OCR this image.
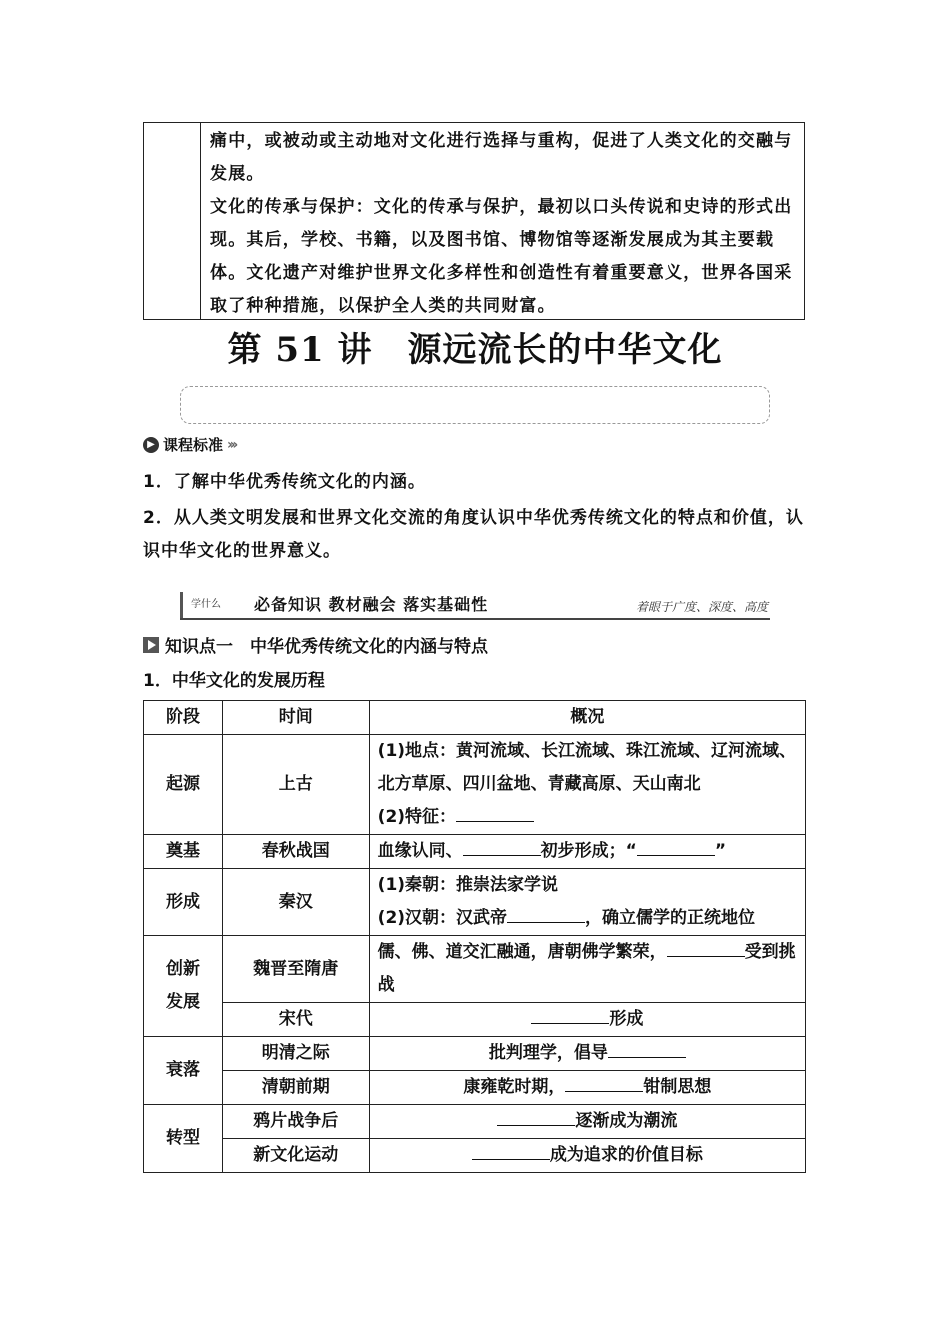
痛中，或被动或主动地对文化进行选择与重构，促进了人类文化的交融与发展。

文化的传承与保护：文化的传承与保护，最初以口头传说和史诗的形式出现。其后，学校、书籍，以及图书馆、博物馆等逐渐发展成为其主要载体。文化遗产对维护世界文化多样性和创造性有着重要意义，世界各国采取了种种措施，以保护全人类的共同财富。

第 51 讲　源远流长的中华文化
▶ 课程标准 ›››
1．了解中华优秀传统文化的内涵。
2．从人类文明发展和世界文化交流的角度认识中华优秀传统文化的特点和价值，认识中华文化的世界意义。
学什么 必备知识 教材融会 落实基础性	着眼于广度、深度、高度
知识点一　中华优秀传统文化的内涵与特点
1．中华文化的发展历程
阶段	时间	概况
起源	上古	(1)地点：黄河流域、长江流域、珠江流域、辽河流域、北方草原、四川盆地、青藏高原、天山南北
(2)特征：

奠基	春秋战国	血缘认同、 初步形成；“ ”
形成	秦汉	(1)秦朝：推崇法家学说
(2)汉朝：汉武帝 ，确立儒学的正统地位

创新发展	魏晋至隋唐	儒、佛、道交汇融通，唐朝佛学繁荣， 受到挑战
	宋代	形成
衰落	明清之际	批判理学，倡导
	清朝前期	康雍乾时期， 钳制思想
转型	鸦片战争后	逐渐成为潮流
	新文化运动	成为追求的价值目标
